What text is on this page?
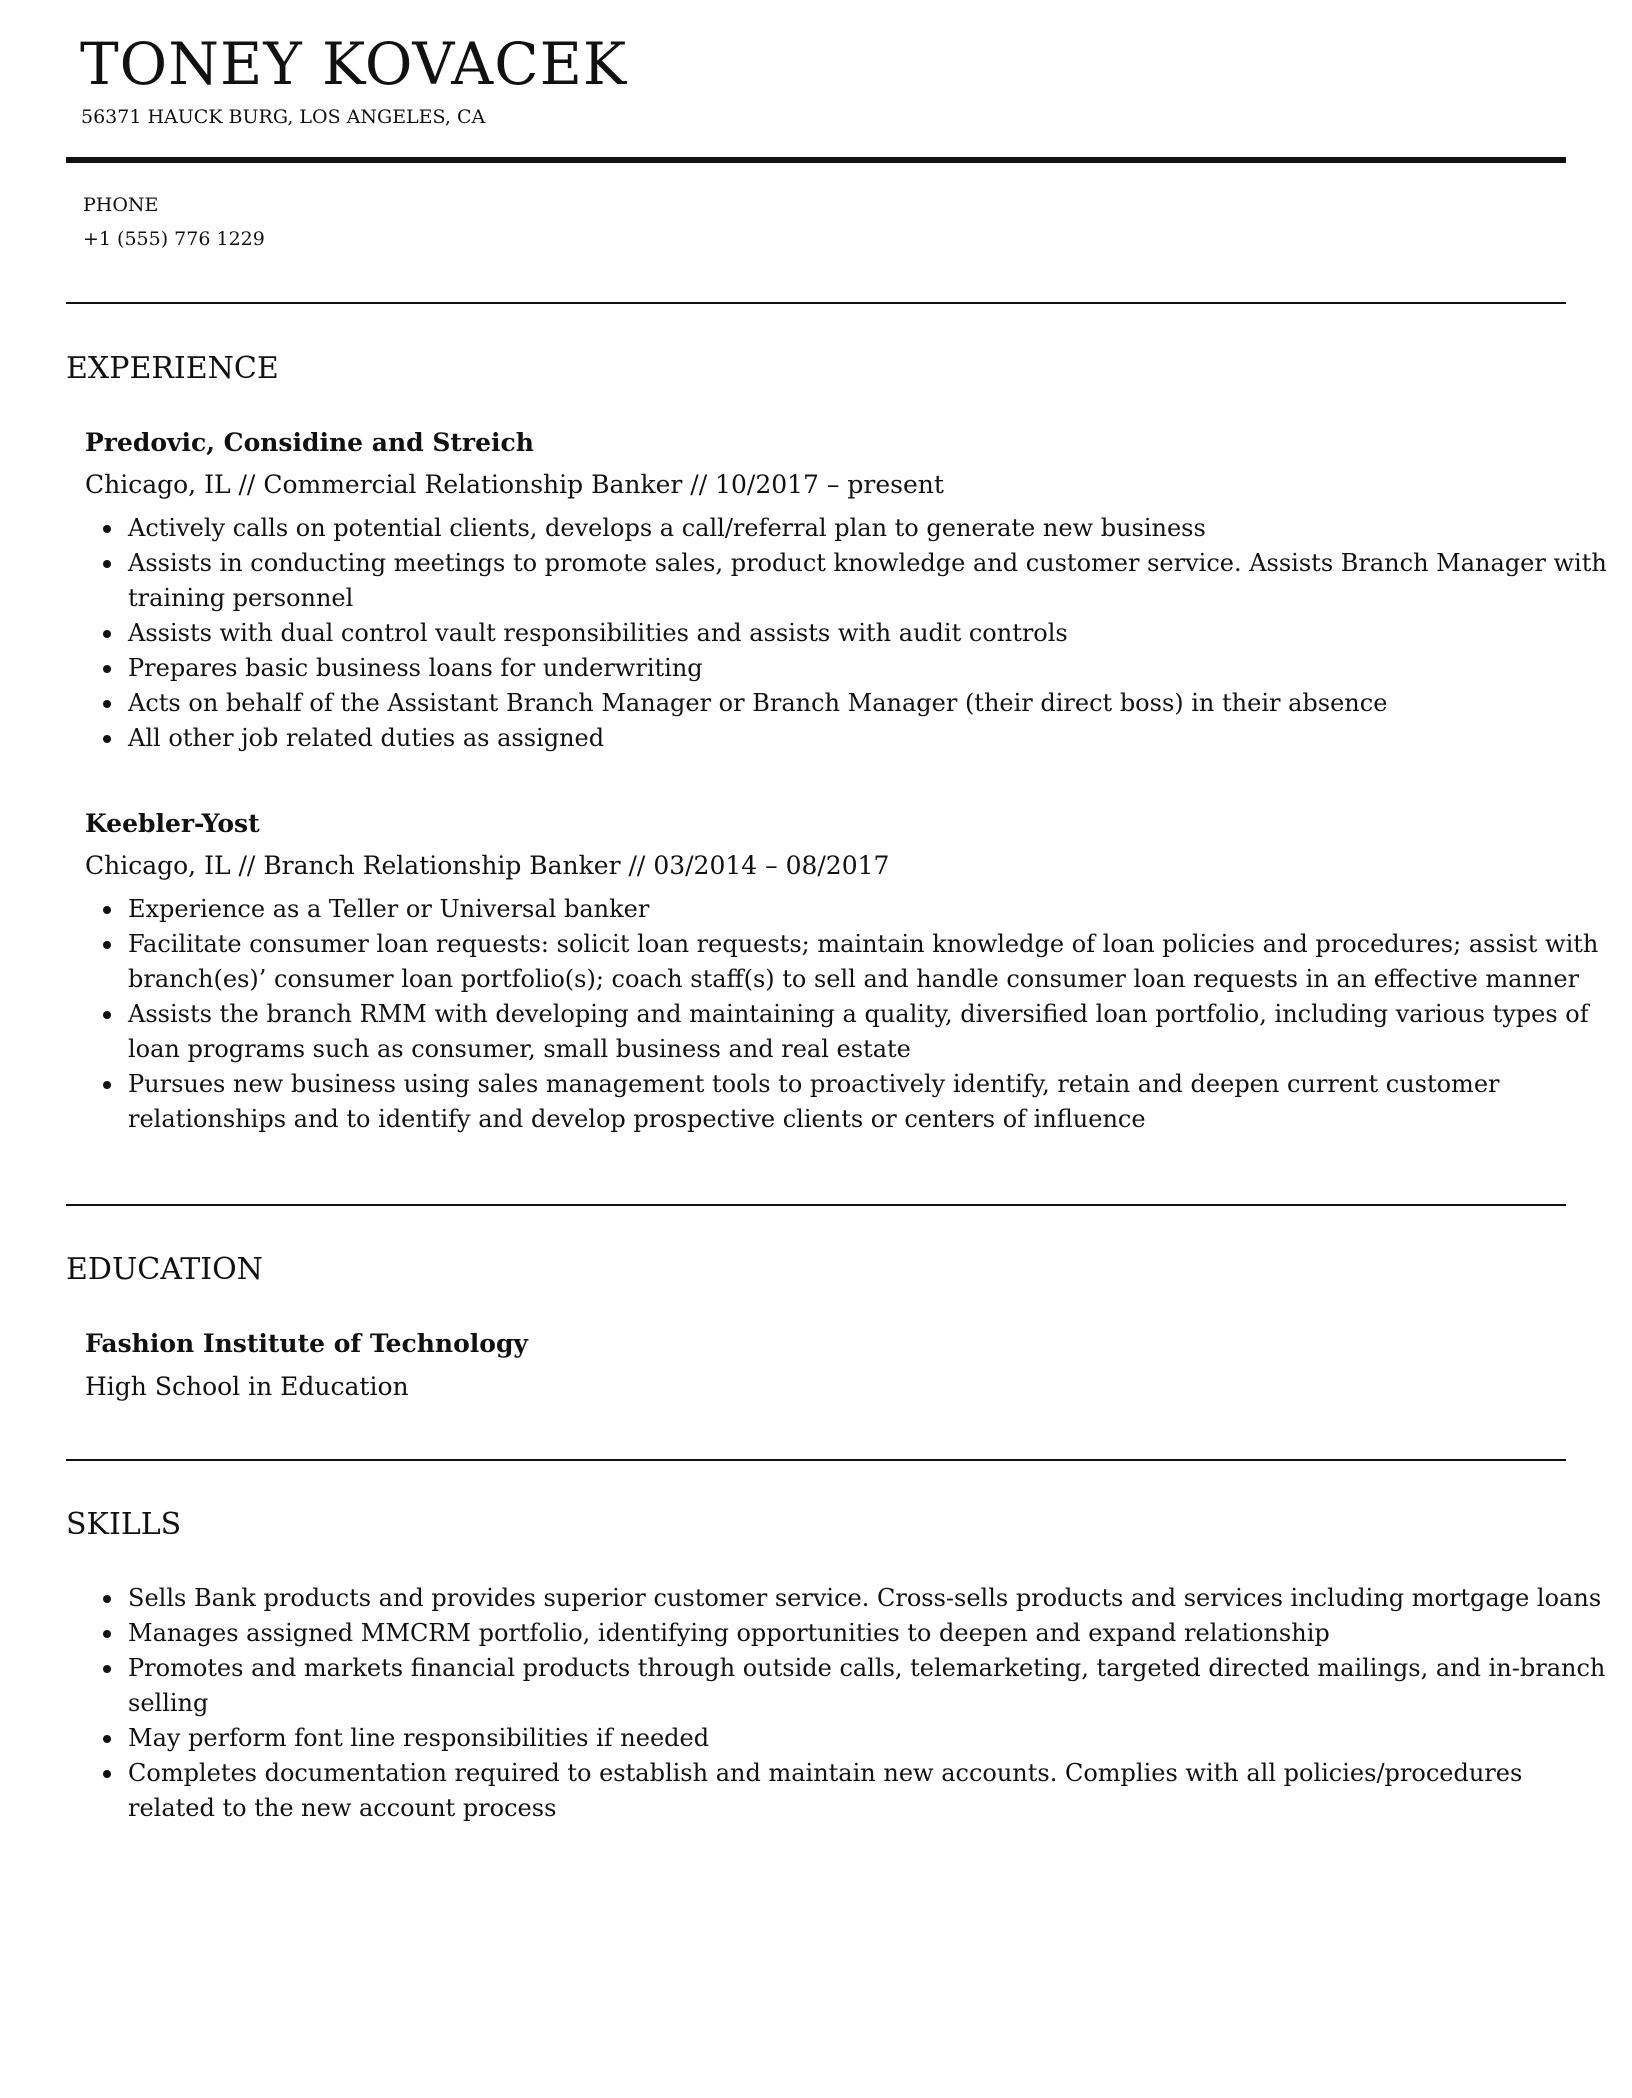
TONEY KOVACEK
56371 HAUCK BURG, LOS ANGELES, CA
PHONE
+1 (555) 776 1229
EXPERIENCE
Predovic, Considine and Streich
Chicago, IL // Commercial Relationship Banker // 10/2017 – present
Actively calls on potential clients, develops a call/referral plan to generate new business
Assists in conducting meetings to promote sales, product knowledge and customer service. Assists Branch Manager with training personnel
Assists with dual control vault responsibilities and assists with audit controls
Prepares basic business loans for underwriting
Acts on behalf of the Assistant Branch Manager or Branch Manager (their direct boss) in their absence
All other job related duties as assigned
Keebler-Yost
Chicago, IL // Branch Relationship Banker // 03/2014 – 08/2017
Experience as a Teller or Universal banker
Facilitate consumer loan requests: solicit loan requests; maintain knowledge of loan policies and procedures; assist with branch(es)’ consumer loan portfolio(s); coach staff(s) to sell and handle consumer loan requests in an effective manner
Assists the branch RMM with developing and maintaining a quality, diversified loan portfolio, including various types of loan programs such as consumer, small business and real estate
Pursues new business using sales management tools to proactively identify, retain and deepen current customer relationships and to identify and develop prospective clients or centers of influence
EDUCATION
Fashion Institute of Technology
High School in Education
SKILLS
Sells Bank products and provides superior customer service. Cross-sells products and services including mortgage loans
Manages assigned MMCRM portfolio, identifying opportunities to deepen and expand relationship
Promotes and markets financial products through outside calls, telemarketing, targeted directed mailings, and in-branch selling
May perform font line responsibilities if needed
Completes documentation required to establish and maintain new accounts. Complies with all policies/procedures related to the new account process
